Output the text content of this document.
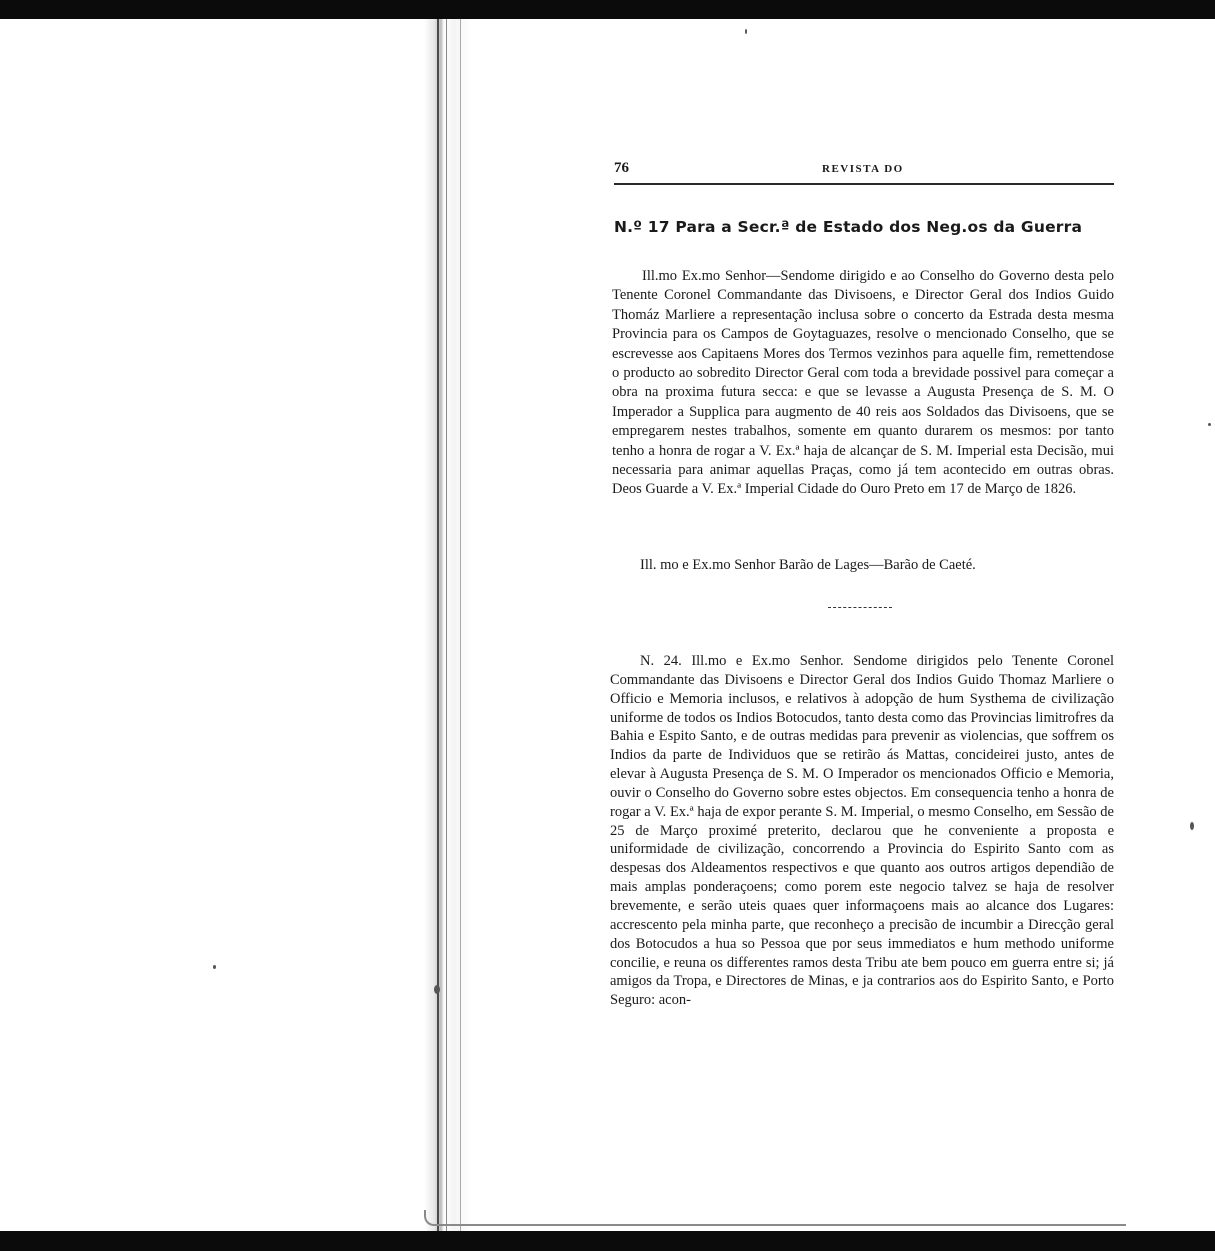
76	REVISTA DO
N.º 17 Para a Secr.ª de Estado dos Neg.os da Guerra

Ill.mo Ex.mo Senhor—Sendome dirigido e ao Conselho do Governo desta pelo Tenente Coronel Commandante das Divisoens, e Director Geral dos Indios Guido Thomáz Marliere a representação inclusa sobre o concerto da Estrada desta mesma Provincia para os Campos de Goytaguazes, resolve o mencionado Conselho, que se escrevesse aos Capitaens Mores dos Termos vezinhos para aquelle fim, remettendose o producto ao sobredito Director Geral com toda a brevidade possivel para começar a obra na proxima futura secca: e que se levasse a Augusta Presença de S. M. O Imperador a Supplica para augmento de 40 reis aos Soldados das Divisoens, que se empregarem nestes trabalhos, somente em quanto durarem os mesmos: por tanto tenho a honra de rogar a V. Ex.ª haja de alcançar de S. M. Imperial esta Decisão, mui necessaria para animar aquellas Praças, como já tem acontecido em outras obras. Deos Guarde a V. Ex.ª Imperial Cidade do Ouro Preto em 17 de Março de 1826.

Ill. mo e Ex.mo Senhor Barão de Lages—Barão de Caeté.

N. 24. Ill.mo e Ex.mo Senhor. Sendome dirigidos pelo Tenente Coronel Commandante das Divisoens e Director Geral dos Indios Guido Thomaz Marliere o Officio e Memoria inclusos, e relativos à adopção de hum Systhema de civilização uniforme de todos os Indios Botocudos, tanto desta como das Provincias limitrofres da Bahia e Espito Santo, e de outras medidas para prevenir as violencias, que soffrem os Indios da parte de Individuos que se retirão ás Mattas, concideirei justo, antes de elevar à Augusta Presença de S. M. O Imperador os mencionados Officio e Memoria, ouvir o Conselho do Governo sobre estes objectos. Em consequencia tenho a honra de rogar a V. Ex.ª haja de expor perante S. M. Imperial, o mesmo Conselho, em Sessão de 25 de Março proximé preterito, declarou que he conveniente a proposta e uniformidade de civilização, concorrendo a Provincia do Espirito Santo com as despesas dos Aldeamentos respectivos e que quanto aos outros artigos dependião de mais amplas ponderaçoens; como porem este negocio talvez se haja de resolver brevemente, e serão uteis quaes quer informaçoens mais ao alcance dos Lugares: accrescento pela minha parte, que reconheço a precisão de incumbir a Direcção geral dos Botocudos a hua so Pessoa que por seus immediatos e hum methodo uniforme concilie, e reuna os differentes ramos desta Tribu ate bem pouco em guerra entre si; já amigos da Tropa, e Directores de Minas, e ja contrarios aos do Espirito Santo, e Porto Seguro: acon-
